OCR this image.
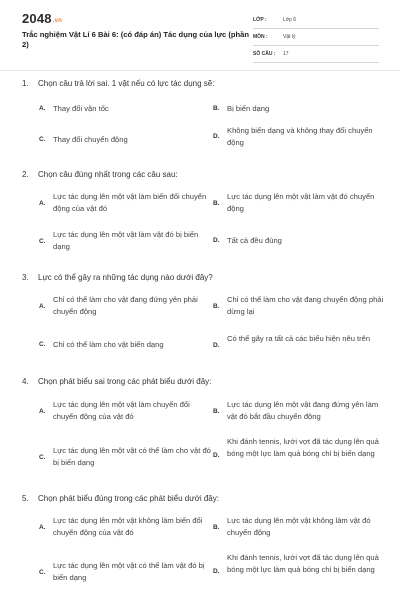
2048.vn
Trắc nghiệm Vật Lí 6 Bài 6: (có đáp án) Tác dụng của lực (phần 2)
LỚP :	Lớp 6
MÔN :	Vật lý
SỐ CÂU : 17
1. Chọn câu trả lời sai. 1 vật nếu có lực tác dụng sẽ:
A. Thay đổi vận tốc	B. Bị biến dạng
C. Thay đổi chuyển động	D.
Không biến dạng và không thay đổi chuyển động
2. Chọn câu đúng nhất trong các câu sau:
A.
Lực tác dụng lên một vật làm biến đổi chuyển động của vật đó
B.
Lực tác dụng lên một vật làm vật đó chuyển động
C.
Lực tác dụng lên một vật làm vật đó bị biến dạng
D. Tất cả đều đúng
3. Lực có thể gây ra những tác dụng nào dưới đây?
A.
Chỉ có thể làm cho vật đang đứng yên phải chuyển động
B.
Chỉ có thể làm cho vật đang chuyển động phải dừng lại
C. Chỉ có thể làm cho vật biến dạng	D.
Có thể gây ra tất cả các biểu hiện nêu trên
4. Chọn phát biểu sai trong các phát biểu dưới đây:
A.
Lực tác dụng lên một vật làm chuyển đổi chuyển động của vật đó
B.
Lực tác dụng lên một vật đang đứng yên làm vật đó bắt đầu chuyển động
C.
Lực tác dụng lên một vật có thể làm cho vật đó bị biến dạng
D.
Khi đánh tennis, lưới vợt đã tác dụng lên quả bóng một lực làm quả bóng chỉ bị biến dạng
5. Chọn phát biểu đúng trong các phát biểu dưới đây:
A.
Lực tác dụng lên một vật không làm biến đổi chuyển động của vật đó
B.
Lực tác dụng lên một vật không làm vật đó chuyển động
C.
Lực tác dụng lên một vật có thể làm vật đó bị biến dạng
D.
Khi đánh tennis, lưới vợt đã tác dụng lên quả bóng một lực làm quả bóng chỉ bị biến dạng
